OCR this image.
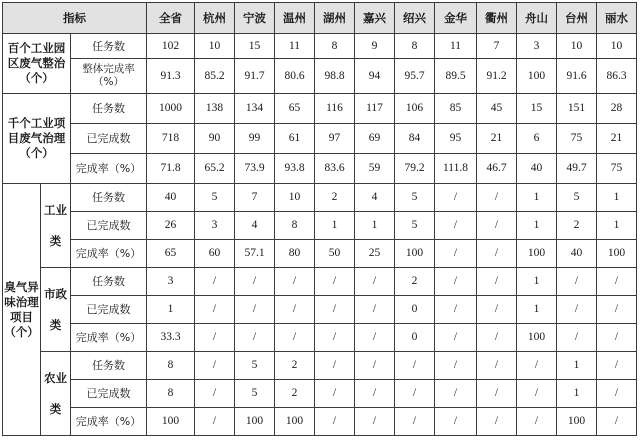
指标			全省	杭州	宁波	温州	湖州	嘉兴	绍兴	金华	衢州	舟山	台州	丽水
百个工业园区废气整治（个）		任务数	102	10	15	11	8	9	8	11	7	3	10	10
		整体完成率（%）	91.3	85.2	91.7	80.6	98.8	94	95.7	89.5	91.2	100	91.6	86.3
千个工业项目废气治理（个）		任务数	1000	138	134	65	116	117	106	85	45	15	151	28
		已完成数	718	90	99	61	97	69	84	95	21	6	75	21
		完成率（%）	71.8	65.2	73.9	93.8	83.6	59	79.2	111.8	46.7	40	49.7	75
臭气异味治理项目（个）	工业类	任务数	40	5	7	10	2	4	5	/	/	1	5	1
		已完成数	26	3	4	8	1	1	5	/	/	1	2	1
		完成率（%）	65	60	57.1	80	50	25	100	/	/	100	40	100
	市政类	任务数	3	/	/	/	/	/	2	/	/	1	/	/
		已完成数	1	/	/	/	/	/	0	/	/	1	/	/
		完成率（%）	33.3	/	/	/	/	/	0	/	/	100	/	/
	农业类	任务数	8	/	5	2	/	/	/	/	/	/	1	/
		已完成数	8	/	5	2	/	/	/	/	/	/	1	/
		完成率（%）	100	/	100	100	/	/	/	/	/	/	100	/
